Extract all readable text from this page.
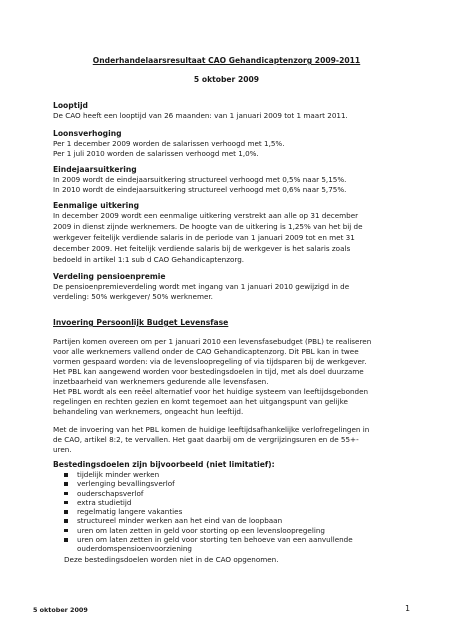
Onderhandelaarsresultaat CAO Gehandicaptenzorg 2009-2011
5 oktober 2009
Looptijd
De CAO heeft een looptijd van 26 maanden: van 1 januari 2009 tot 1 maart 2011.
Loonsverhoging
Per 1 december 2009 worden de salarissen verhoogd met 1,5%.
Per 1 juli 2010 worden de salarissen verhoogd met 1,0%.
Eindejaarsuitkering
In 2009 wordt de eindejaarsuitkering structureel verhoogd met 0,5% naar 5,15%.
In 2010 wordt de eindejaarsuitkering structureel verhoogd met 0,6% naar 5,75%.
Eenmalige uitkering
In december 2009 wordt een eenmalige uitkering verstrekt aan alle op 31 december
2009 in dienst zijnde werknemers. De hoogte van de uitkering is 1,25% van het bij de
werkgever feitelijk verdiende salaris in de periode van 1 januari 2009 tot en met 31
december 2009. Het feitelijk verdiende salaris bij de werkgever is het salaris zoals
bedoeld in artikel 1:1 sub d CAO Gehandicaptenzorg.
Verdeling pensioenpremie
De pensioenpremieverdeling wordt met ingang van 1 januari 2010 gewijzigd in de
verdeling: 50% werkgever/ 50% werknemer.
Invoering Persoonlijk Budget Levensfase
Partijen komen overeen om per 1 januari 2010 een levensfasebudget (PBL) te realiseren
voor alle werknemers vallend onder de CAO Gehandicaptenzorg. Dit PBL kan in twee
vormen gespaard worden: via de levensloopregeling of via tijdsparen bij de werkgever.
Het PBL kan aangewend worden voor bestedingsdoelen in tijd, met als doel duurzame
inzetbaarheid van werknemers gedurende alle levensfasen.
Het PBL wordt als een reëel alternatief voor het huidige systeem van leeftijdsgebonden
regelingen en rechten gezien en komt tegemoet aan het uitgangspunt van gelijke
behandeling van werknemers, ongeacht hun leeftijd.
Met de invoering van het PBL komen de huidige leeftijdsafhankelijke verlofregelingen in
de CAO, artikel 8:2, te vervallen. Het gaat daarbij om de vergrijzingsuren en de 55+-
uren.
Bestedingsdoelen zijn bijvoorbeeld (niet limitatief):
tijdelijk minder werken
verlenging bevallingsverlof
ouderschapsverlof
extra studietijd
regelmatig langere vakanties
structureel minder werken aan het eind van de loopbaan
uren om laten zetten in geld voor storting op een levensloopregeling
uren om laten zetten in geld voor storting ten behoeve van een aanvullende
ouderdomspensioenvoorziening
Deze bestedingsdoelen worden niet in de CAO opgenomen.
5 oktober 2009	1
